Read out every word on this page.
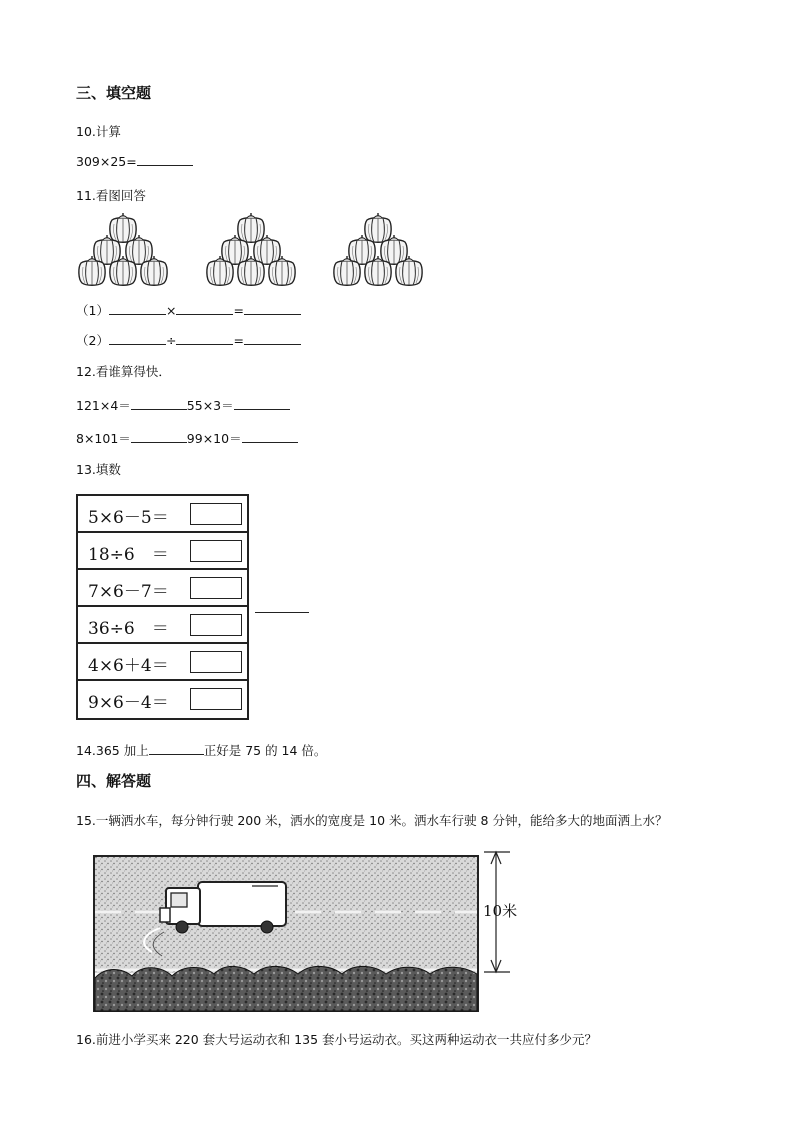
三、填空题
10.计算
309×25=
11.看图回答
（1）	×	=
（2）	÷	=
12.看谁算得快．
121×4＝	55×3＝
8×101＝	99×10＝
13.填数
5×6－5＝
18÷6　＝
7×6－7＝
36÷6　＝
4×6＋4＝
9×6－4＝
14.365 加上	正好是 75 的 14 倍。
四、解答题
15.一辆洒水车，每分钟行驶 200 米，洒水的宽度是 10 米。洒水车行驶 8 分钟，能给多大的地面洒上水？
10米
16.前进小学买来 220 套大号运动衣和 135 套小号运动衣。买这两种运动衣一共应付多少元？
